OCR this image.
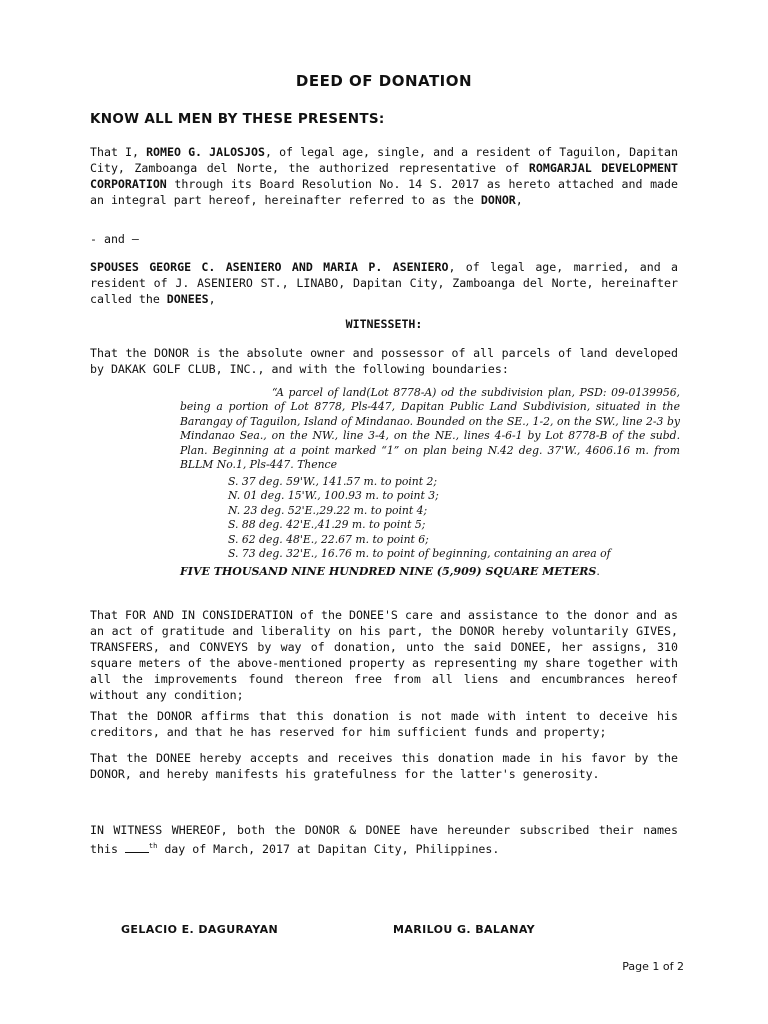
DEED OF DONATION
KNOW ALL MEN BY THESE PRESENTS:
That I, ROMEO G. JALOSJOS, of legal age, single, and a resident of Taguilon, Dapitan City, Zamboanga del Norte, the authorized representative of ROMGARJAL DEVELOPMENT CORPORATION through its Board Resolution No. 14 S. 2017 as hereto attached and made an integral part hereof, hereinafter referred to as the DONOR,
- and –
SPOUSES GEORGE C. ASENIERO AND MARIA P. ASENIERO, of legal age, married, and a resident of J. ASENIERO ST., LINABO, Dapitan City, Zamboanga del Norte, hereinafter called the DONEES,
WITNESSETH:
That the DONOR is the absolute owner and possessor of all parcels of land developed by DAKAK GOLF CLUB, INC., and with the following boundaries:
“A parcel of land(Lot 8778-A) od the subdivision plan, PSD: 09-0139956, being a portion of Lot 8778, Pls-447, Dapitan Public Land Subdivision, situated in the Barangay of Taguilon, Island of Mindanao. Bounded on the SE., 1-2, on the SW., line 2-3 by Mindanao Sea., on the NW., line 3-4, on the NE., lines 4-6-1 by Lot 8778-B of the subd. Plan. Beginning at a point marked “1” on plan being N.42 deg. 37'W., 4606.16 m. from BLLM No.1, Pls-447. Thence
S. 37 deg. 59'W., 141.57 m. to point 2;
N. 01 deg. 15'W., 100.93 m. to point 3;
N. 23 deg. 52'E.,29.22 m. to point 4;
S. 88 deg. 42'E.,41.29 m. to point 5;
S. 62 deg. 48'E., 22.67 m. to point 6;
S. 73 deg. 32'E., 16.76 m. to point of beginning, containing an area of
FIVE THOUSAND NINE HUNDRED NINE (5,909) SQUARE METERS.
That FOR AND IN CONSIDERATION of the DONEE'S care and assistance to the donor and as an act of gratitude and liberality on his part, the DONOR hereby voluntarily GIVES, TRANSFERS, and CONVEYS by way of donation, unto the said DONEE, her assigns, 310 square meters of the above-mentioned property as representing my share together with all the improvements found thereon free from all liens and encumbrances hereof without any condition;
That the DONOR affirms that this donation is not made with intent to deceive his creditors, and that he has reserved for him sufficient funds and property;
That the DONEE hereby accepts and receives this donation made in his favor by the DONOR, and hereby manifests his gratefulness for the latter's generosity.
IN WITNESS WHEREOF, both the DONOR & DONEE have hereunder subscribed their names this	$^{th}$ day of March, 2017 at Dapitan City, Philippines.
GELACIO E. DAGURAYAN	MARILOU G. BALANAY
Page 1 of 2
